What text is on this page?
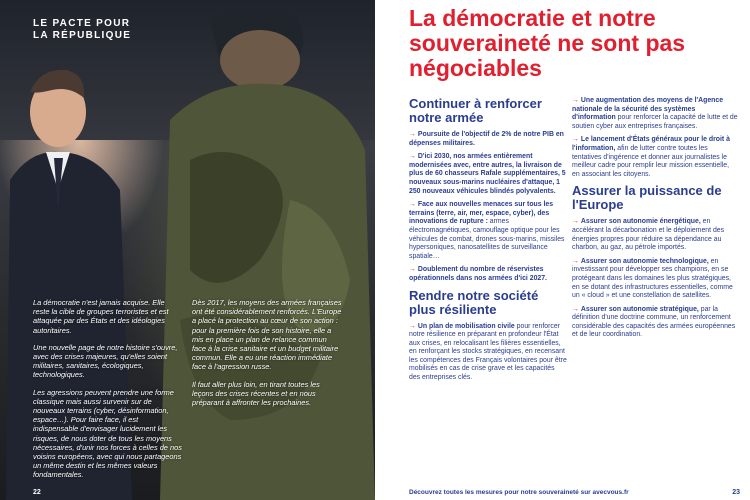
LE PACTE POUR
LA RÉPUBLIQUE

La démocratie n'est jamais acquise. Elle reste la cible de groupes terroristes et est attaquée par des États et des idéologies autoritaires.

Une nouvelle page de notre histoire s'ouvre, avec des crises majeures, qu'elles soient militaires, sanitaires, écologiques, technologiques.

Les agressions peuvent prendre une forme classique mais aussi survenir sur de nouveaux terrains (cyber, désinformation, espace…). Pour faire face, il est indispensable d'envisager lucidement les risques, de nous doter de tous les moyens nécessaires, d'unir nos forces à celles de nos voisins européens, avec qui nous partageons un même destin et les mêmes valeurs fondamentales.

Dès 2017, les moyens des armées françaises ont été considérablement renforcés. L'Europe a placé la protection au cœur de son action : pour la première fois de son histoire, elle a mis en place un plan de relance commun face à la crise sanitaire et un budget militaire commun. Elle a eu une réaction immédiate face à l'agression russe.

Il faut aller plus loin, en tirant toutes les leçons des crises récentes et en nous préparant à affronter les prochaines.

22
La démocratie et notre souveraineté ne sont pas négociables
Continuer à renforcer notre armée
→ Poursuite de l'objectif de 2% de notre PIB en dépenses militaires.
→ D'ici 2030, nos armées entièrement modernisées avec, entre autres, la livraison de plus de 60 chasseurs Rafale supplémentaires, 5 nouveaux sous-marins nucléaires d'attaque, 1 250 nouveaux véhicules blindés polyvalents.
→ Face aux nouvelles menaces sur tous les terrains (terre, air, mer, espace, cyber), des innovations de rupture : armes électromagnétiques, camouflage optique pour les véhicules de combat, drones sous-marins, missiles hypersoniques, nanosatellites de surveillance spatiale…
→ Doublement du nombre de réservistes opérationnels dans nos armées d'ici 2027.
Rendre notre société plus résiliente
→ Un plan de mobilisation civile pour renforcer notre résilience en préparant en profondeur l'État aux crises, en relocalisant les filières essentielles, en renforçant les stocks stratégiques, en recensant les compétences des Français volontaires pour être mobilisés en cas de crise grave et les capacités des entreprises clés.
→ Une augmentation des moyens de l'Agence nationale de la sécurité des systèmes d'information pour renforcer la capacité de lutte et de soutien cyber aux entreprises françaises.
→ Le lancement d'États généraux pour le droit à l'information, afin de lutter contre toutes les tentatives d'ingérence et donner aux journalistes le meilleur cadre pour remplir leur mission essentielle, en associant les citoyens.
Assurer la puissance de l'Europe
→ Assurer son autonomie énergétique, en accélérant la décarbonation et le déploiement des énergies propres pour réduire sa dépendance au charbon, au gaz, au pétrole importés.
→ Assurer son autonomie technologique, en investissant pour développer ses champions, en se protégeant dans les domaines les plus stratégiques, en se dotant des infrastructures essentielles, comme un « cloud » et une constellation de satellites.
→ Assurer son autonomie stratégique, par la définition d'une doctrine commune, un renforcement considérable des capacités des armées européennes et de leur coordination.
Découvrez toutes les mesures pour notre souveraineté sur avecvous.fr	23
